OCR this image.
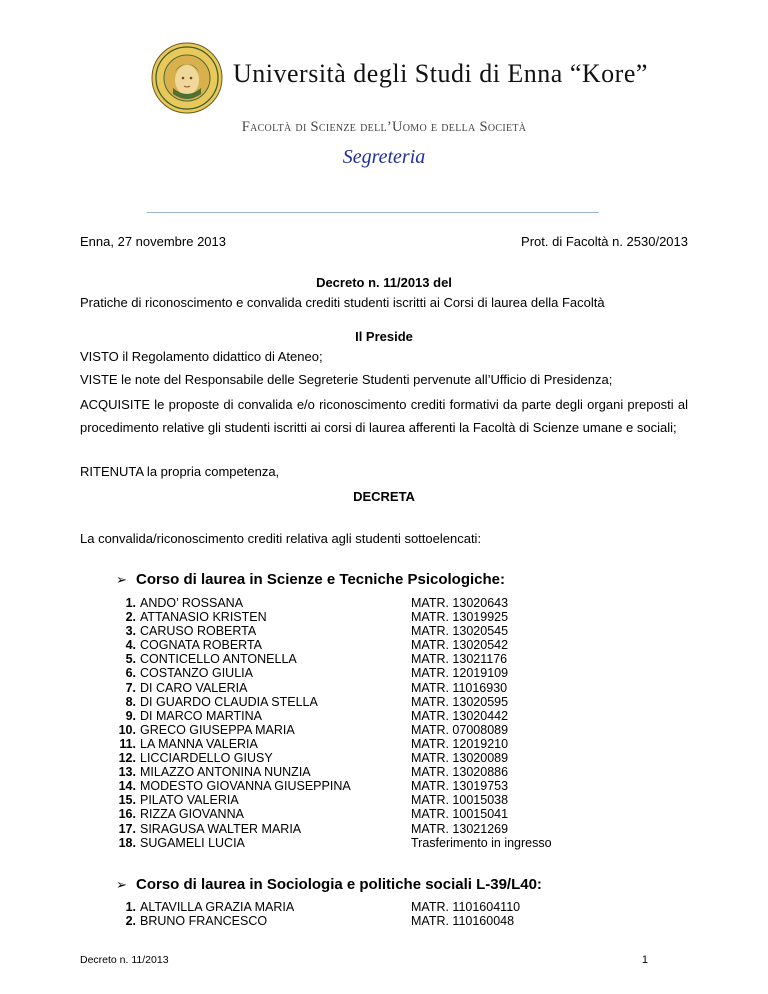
Università degli Studi di Enna “Kore”
Facoltà di Scienze dell’Uomo e della Società
Segreteria
Enna, 27 novembre 2013	Prot. di Facoltà n. 2530/2013
Decreto n. 11/2013 del
Pratiche di riconoscimento e convalida crediti studenti iscritti ai Corsi di laurea della Facoltà
Il Preside
VISTO il Regolamento didattico di Ateneo;
VISTE le note del Responsabile delle Segreterie Studenti pervenute all’Ufficio di Presidenza;
ACQUISITE le proposte di convalida e/o riconoscimento crediti formativi da parte degli organi preposti al procedimento relative gli studenti iscritti ai corsi di laurea afferenti la Facoltà di Scienze umane e sociali;
RITENUTA la propria competenza,
DECRETA
La convalida/riconoscimento crediti relativa agli studenti sottoelencati:
➢ Corso di laurea in Scienze e Tecniche Psicologiche:
1. ANDO’ ROSSANA	MATR. 13020643
2. ATTANASIO KRISTEN	MATR. 13019925
3. CARUSO ROBERTA	MATR. 13020545
4. COGNATA ROBERTA	MATR. 13020542
5. CONTICELLO ANTONELLA	MATR. 13021176
6. COSTANZO GIULIA	MATR. 12019109
7. DI CARO VALERIA	MATR. 11016930
8. DI GUARDO CLAUDIA STELLA	MATR. 13020595
9. DI MARCO MARTINA	MATR. 13020442
10. GRECO GIUSEPPA MARIA	MATR. 07008089
11. LA MANNA VALERIA	MATR. 12019210
12. LICCIARDELLO GIUSY	MATR. 13020089
13. MILAZZO ANTONINA NUNZIA	MATR. 13020886
14. MODESTO GIOVANNA GIUSEPPINA	MATR. 13019753
15. PILATO VALERIA	MATR. 10015038
16. RIZZA GIOVANNA	MATR. 10015041
17. SIRAGUSA WALTER MARIA	MATR. 13021269
18. SUGAMELI LUCIA	Trasferimento in ingresso
➢ Corso di laurea in Sociologia e politiche sociali L-39/L40:
1. ALTAVILLA GRAZIA MARIA	MATR. 1101604110
2. BRUNO FRANCESCO	MATR. 110160048
Decreto n. 11/2013	1
